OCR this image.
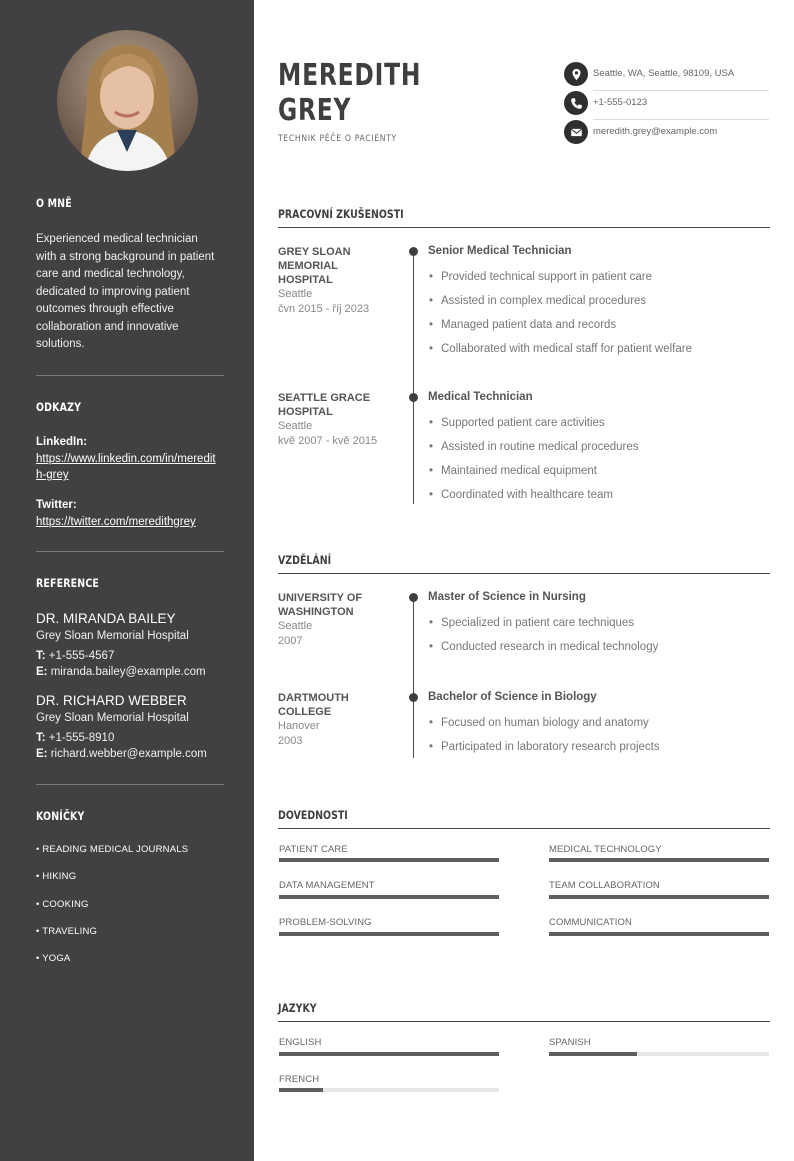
O MNĚ
Experienced medical technician with a strong background in patient care and medical technology, dedicated to improving patient outcomes through effective collaboration and innovative solutions.
ODKAZY
LinkedIn:
https://www.linkedin.com/in/meredith-grey
Twitter:
https://twitter.com/meredithgrey
REFERENCE
DR. MIRANDA BAILEY
Grey Sloan Memorial Hospital
T: +1-555-4567
E: miranda.bailey@example.com
DR. RICHARD WEBBER
Grey Sloan Memorial Hospital
T: +1-555-8910
E: richard.webber@example.com
KONÍČKY
• READING MEDICAL JOURNALS
• HIKING
• COOKING
• TRAVELING
• YOGA
MEREDITH
GREY
TECHNIK PÉČE O PACIENTY
Seattle, WA, Seattle, 98109, USA
+1-555-0123
meredith.grey@example.com
PRACOVNÍ ZKUŠENOSTI
GREY SLOAN MEMORIAL HOSPITAL
Seattle
čvn 2015 - říj 2023
Senior Medical Technician
• Provided technical support in patient care
• Assisted in complex medical procedures
• Managed patient data and records
• Collaborated with medical staff for patient welfare
SEATTLE GRACE HOSPITAL
Seattle
kvě 2007 - kvě 2015
Medical Technician
• Supported patient care activities
• Assisted in routine medical procedures
• Maintained medical equipment
• Coordinated with healthcare team
VZDĚLÁNÍ
UNIVERSITY OF WASHINGTON
Seattle
2007
Master of Science in Nursing
• Specialized in patient care techniques
• Conducted research in medical technology
DARTMOUTH COLLEGE
Hanover
2003
Bachelor of Science in Biology
• Focused on human biology and anatomy
• Participated in laboratory research projects
DOVEDNOSTI
PATIENT CARE	MEDICAL TECHNOLOGY
DATA MANAGEMENT	TEAM COLLABORATION
PROBLEM-SOLVING	COMMUNICATION
JAZYKY
ENGLISH	SPANISH
FRENCH
